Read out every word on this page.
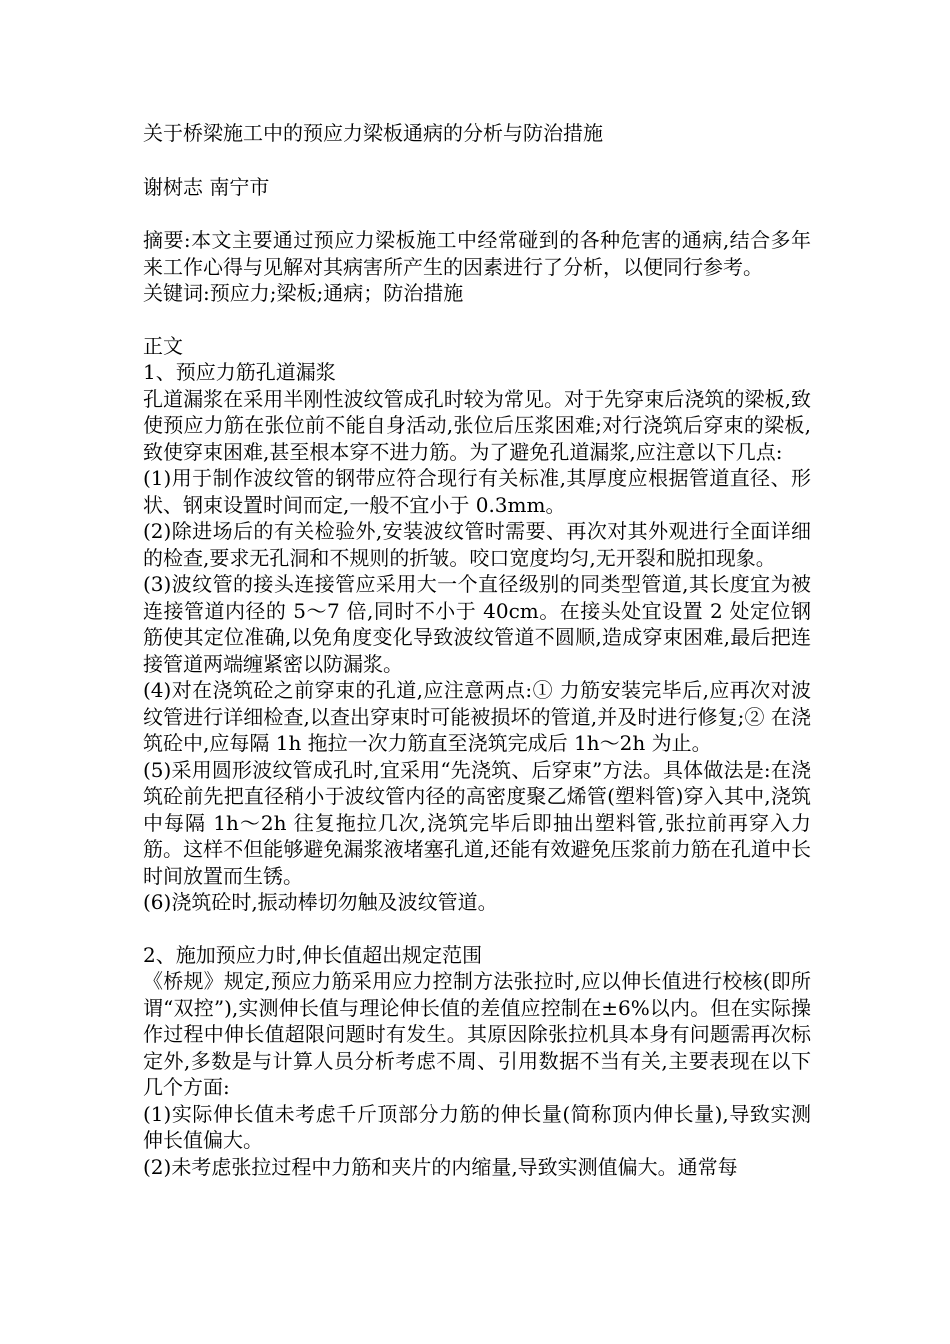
关于桥梁施工中的预应力梁板通病的分析与防治措施

谢树志 南宁市

摘要:本文主要通过预应力梁板施工中经常碰到的各种危害的通病,结合多年来工作心得与见解对其病害所产生的因素进行了分析，以便同行参考。

关键词:预应力;梁板;通病；防治措施

正文

1、预应力筋孔道漏浆

孔道漏浆在采用半刚性波纹管成孔时较为常见。对于先穿束后浇筑的梁板,致使预应力筋在张位前不能自身活动,张位后压浆困难;对行浇筑后穿束的梁板,致使穿束困难,甚至根本穿不进力筋。为了避免孔道漏浆,应注意以下几点:

(1)用于制作波纹管的钢带应符合现行有关标准,其厚度应根据管道直径、形状、钢束设置时间而定,一般不宜小于 0.3mm。

(2)除进场后的有关检验外,安装波纹管时需要、再次对其外观进行全面详细的检查,要求无孔洞和不规则的折皱。咬口宽度均匀,无开裂和脱扣现象。

(3)波纹管的接头连接管应采用大一个直径级别的同类型管道,其长度宜为被连接管道内径的 5～7 倍,同时不小于 40cm。在接头处宜设置 2 处定位钢筋使其定位准确,以免角度变化导致波纹管道不圆顺,造成穿束困难,最后把连接管道两端缠紧密以防漏浆。

(4)对在浇筑砼之前穿束的孔道,应注意两点:① 力筋安装完毕后,应再次对波纹管进行详细检查,以查出穿束时可能被损坏的管道,并及时进行修复;② 在浇筑砼中,应每隔 1h 拖拉一次力筋直至浇筑完成后 1h～2h 为止。

(5)采用圆形波纹管成孔时,宜采用“先浇筑、后穿束”方法。具体做法是:在浇筑砼前先把直径稍小于波纹管内径的高密度聚乙烯管(塑料管)穿入其中,浇筑中每隔 1h～2h 往复拖拉几次,浇筑完毕后即抽出塑料管,张拉前再穿入力筋。这样不但能够避免漏浆液堵塞孔道,还能有效避免压浆前力筋在孔道中长时间放置而生锈。

(6)浇筑砼时,振动棒切勿触及波纹管道。

2、施加预应力时,伸长值超出规定范围

《桥规》规定,预应力筋采用应力控制方法张拉时,应以伸长值进行校核(即所谓“双控”),实测伸长值与理论伸长值的差值应控制在±6%以内。但在实际操作过程中伸长值超限问题时有发生。其原因除张拉机具本身有问题需再次标定外,多数是与计算人员分析考虑不周、引用数据不当有关,主要表现在以下几个方面:

(1)实际伸长值未考虑千斤顶部分力筋的伸长量(简称顶内伸长量),导致实测伸长值偏大。

(2)未考虑张拉过程中力筋和夹片的内缩量,导致实测值偏大。通常每
